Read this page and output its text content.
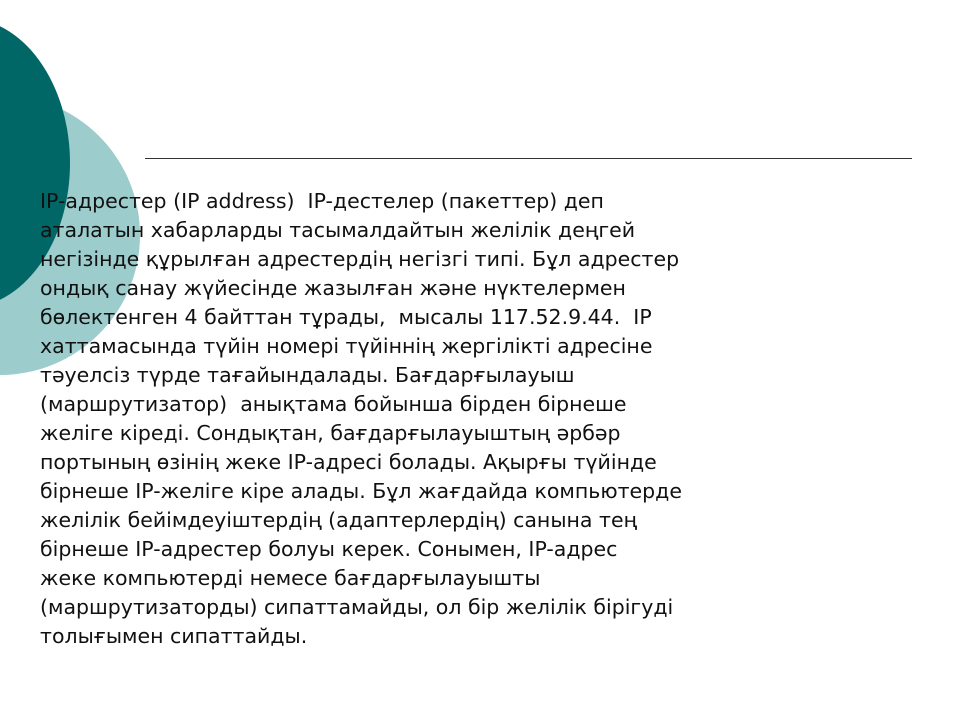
IP-адрестер (IP address)  IP-дестелер (пакеттер) деп
аталатын хабарларды тасымалдайтын желілік деңгей
негізінде құрылған адрестердің негізгі типі. Бұл адрестер
ондық санау жүйесінде жазылған және нүктелермен
бөлектенген 4 байттан тұрады,  мысалы 117.52.9.44.  IP
хаттамасында түйін номері түйіннің жергілікті адресіне
тәуелсіз түрде тағайындалады. Бағдарғылауыш
(маршрутизатор)  анықтама бойынша бірден бірнеше
желіге кіреді. Сондықтан, бағдарғылауыштың әрбәр
портының өзінің жеке IP-адресі болады. Ақырғы түйінде
бірнеше IP-желіге кіре алады. Бұл жағдайда компьютерде
желілік бейімдеуіштердің (адаптерлердің) санына тең
бірнеше IP-адрестер болуы керек. Сонымен, IP-адрес
жеке компьютерді немесе бағдарғылауышты
(маршрутизаторды) сипаттамайды, ол бір желілік бірігуді
толығымен сипаттайды.
